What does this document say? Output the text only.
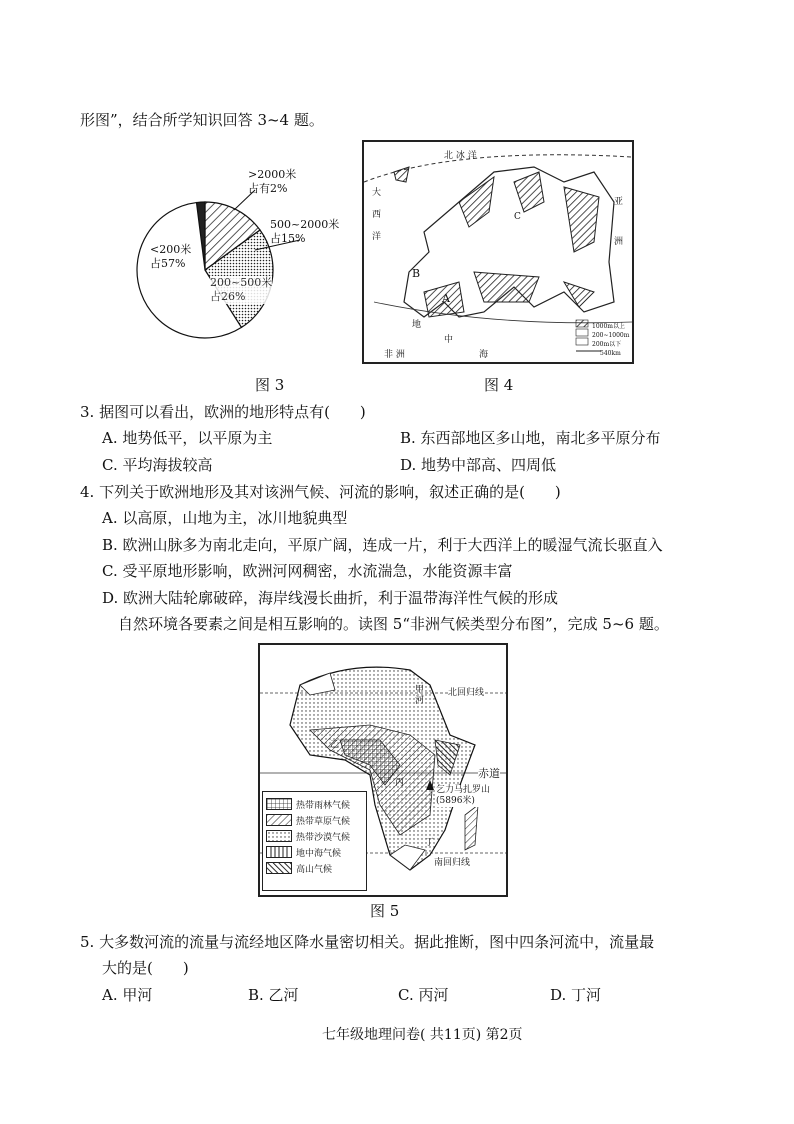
形图”，结合所学知识回答 3~4 题。
>2000米
占有2%
500~2000米
占15%
<200米
占57%
200~500米
占26%
图 3
北 冰 洋
大
西
洋
亚
洲
非 洲
地
中
海
B
A
C
1000m以上
200~1000m
200m以下
540km
图 4
3. 据图可以看出，欧洲的地形特点有(　　)
A. 地势低平，以平原为主	B. 东西部地区多山地，南北多平原分布
C. 平均海拔较高	D. 地势中部高、四周低
4. 下列关于欧洲地形及其对该洲气候、河流的影响，叙述正确的是(　　)
A. 以高原，山地为主，冰川地貌典型
B. 欧洲山脉多为南北走向，平原广阔，连成一片，利于大西洋上的暖湿气流长驱直入
C. 受平原地形影响，欧洲河网稠密，水流湍急，水能资源丰富
D. 欧洲大陆轮廓破碎，海岸线漫长曲折，利于温带海洋性气候的形成
自然环境各要素之间是相互影响的。读图 5“非洲气候类型分布图”，完成 5~6 题。
北回归线
赤道
南回归线
乞力马扎罗山
(5896米)
甲
河
乙
丙
丁
热带雨林气候
热带草原气候
热带沙漠气候
地中海气候
高山气候
图 5
5. 大多数河流的流量与流经地区降水量密切相关。据此推断，图中四条河流中，流量最
大的是(　　)
A. 甲河	B. 乙河	C. 丙河	D. 丁河
七年级地理问卷( 共11页) 第2页
